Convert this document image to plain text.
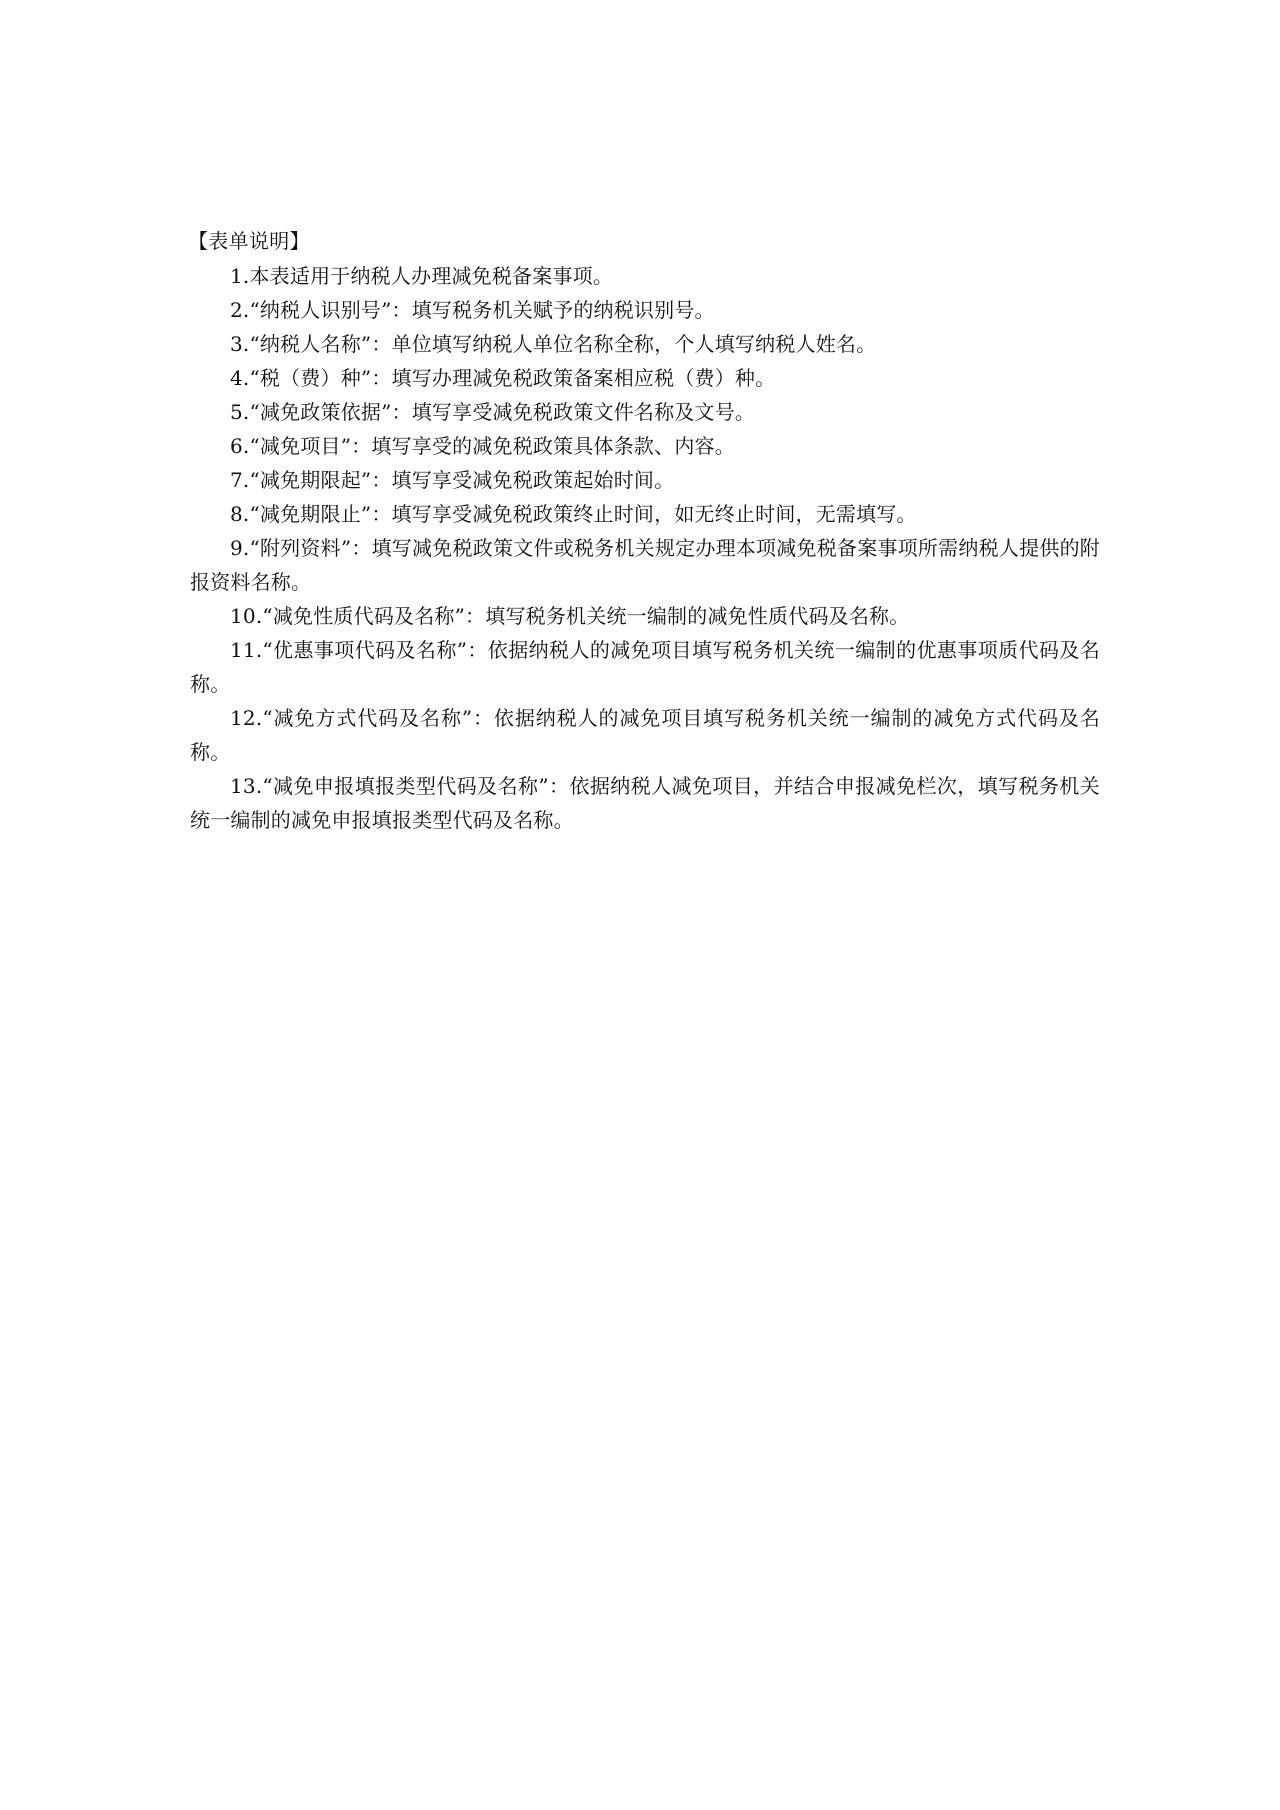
【表单说明】

1.本表适用于纳税人办理减免税备案事项。

2.“纳税人识别号”：填写税务机关赋予的纳税识别号。

3.“纳税人名称”：单位填写纳税人单位名称全称，个人填写纳税人姓名。

4.“税（费）种”：填写办理减免税政策备案相应税（费）种。

5.“减免政策依据”：填写享受减免税政策文件名称及文号。

6.“减免项目”：填写享受的减免税政策具体条款、内容。

7.“减免期限起”：填写享受减免税政策起始时间。

8.“减免期限止”：填写享受减免税政策终止时间，如无终止时间，无需填写。

9.“附列资料”：填写减免税政策文件或税务机关规定办理本项减免税备案事项所需纳税人提供的附报资料名称。

10.“减免性质代码及名称”：填写税务机关统一编制的减免性质代码及名称。

11.“优惠事项代码及名称”：依据纳税人的减免项目填写税务机关统一编制的优惠事项质代码及名称。

12.“减免方式代码及名称”：依据纳税人的减免项目填写税务机关统一编制的减免方式代码及名称。

13.“减免申报填报类型代码及名称”：依据纳税人减免项目，并结合申报减免栏次，填写税务机关统一编制的减免申报填报类型代码及名称。
